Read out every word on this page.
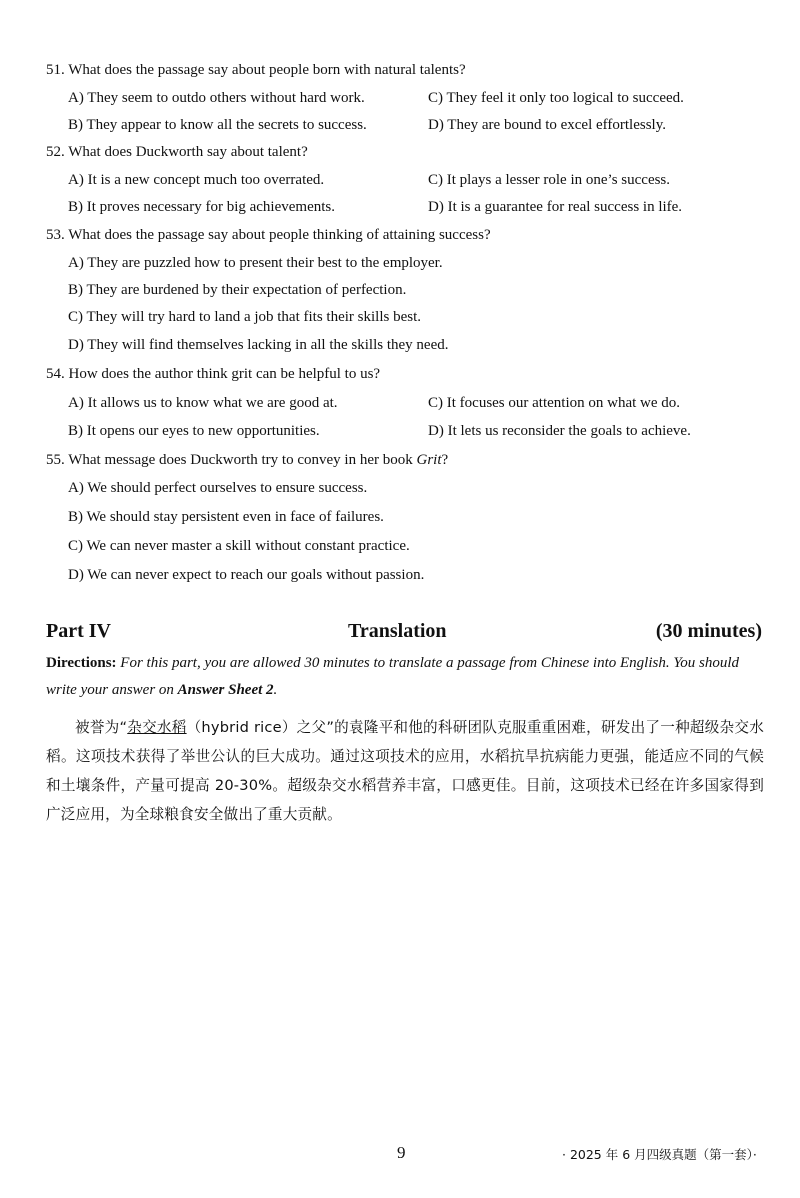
51. What does the passage say about people born with natural talents?
A) They seem to outdo others without hard work.	C) They feel it only too logical to succeed.
B) They appear to know all the secrets to success.	D) They are bound to excel effortlessly.
52. What does Duckworth say about talent?
A) It is a new concept much too overrated.	C) It plays a lesser role in one’s success.
B) It proves necessary for big achievements.	D) It is a guarantee for real success in life.
53. What does the passage say about people thinking of attaining success?
A) They are puzzled how to present their best to the employer.
B) They are burdened by their expectation of perfection.
C) They will try hard to land a job that fits their skills best.
D) They will find themselves lacking in all the skills they need.
54. How does the author think grit can be helpful to us?
A) It allows us to know what we are good at.	C) It focuses our attention on what we do.
B) It opens our eyes to new opportunities.	D) It lets us reconsider the goals to achieve.
55. What message does Duckworth try to convey in her book Grit?
A) We should perfect ourselves to ensure success.
B) We should stay persistent even in face of failures.
C) We can never master a skill without constant practice.
D) We can never expect to reach our goals without passion.
Part IV	Translation	(30 minutes)
Directions: For this part, you are allowed 30 minutes to translate a passage from Chinese into English. You should write your answer on Answer Sheet 2.
被誉为“杂交水稻（hybrid rice）之父”的袁隆平和他的科研团队克服重重困难，研发出了一种超级杂交水稻。这项技术获得了举世公认的巨大成功。通过这项技术的应用，水稻抗旱抗病能力更强，能适应不同的气候和土壤条件，产量可提高 20-30%。超级杂交水稻营养丰富，口感更佳。目前，这项技术已经在许多国家得到广泛应用，为全球粮食安全做出了重大贡献。
9	· 2025 年 6 月四级真题（第一套）·
